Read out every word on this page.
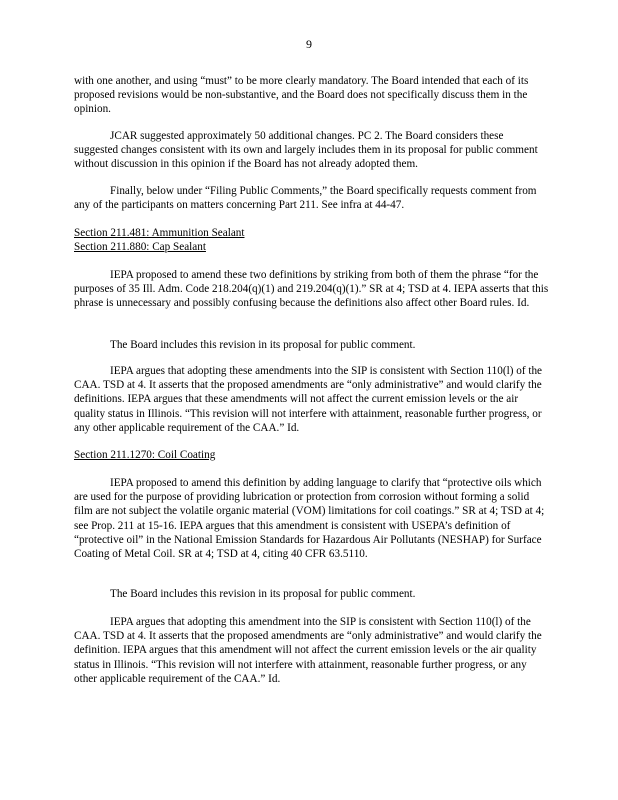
9

with one another, and using “must” to be more clearly mandatory. The Board intended that each of its proposed revisions would be non-substantive, and the Board does not specifically discuss them in the opinion.

JCAR suggested approximately 50 additional changes. PC 2. The Board considers these suggested changes consistent with its own and largely includes them in its proposal for public comment without discussion in this opinion if the Board has not already adopted them.

Finally, below under “Filing Public Comments,” the Board specifically requests comment from any of the participants on matters concerning Part 211. See infra at 44-47.

Section 211.481: Ammunition Sealant
Section 211.880: Cap Sealant

IEPA proposed to amend these two definitions by striking from both of them the phrase “for the purposes of 35 Ill. Adm. Code 218.204(q)(1) and 219.204(q)(1).” SR at 4; TSD at 4. IEPA asserts that this phrase is unnecessary and possibly confusing because the definitions also affect other Board rules. Id.

The Board includes this revision in its proposal for public comment.

IEPA argues that adopting these amendments into the SIP is consistent with Section 110(l) of the CAA. TSD at 4. It asserts that the proposed amendments are “only administrative” and would clarify the definitions. IEPA argues that these amendments will not affect the current emission levels or the air quality status in Illinois. “This revision will not interfere with attainment, reasonable further progress, or any other applicable requirement of the CAA.” Id.

Section 211.1270: Coil Coating

IEPA proposed to amend this definition by adding language to clarify that “protective oils which are used for the purpose of providing lubrication or protection from corrosion without forming a solid film are not subject the volatile organic material (VOM) limitations for coil coatings.” SR at 4; TSD at 4; see Prop. 211 at 15-16. IEPA argues that this amendment is consistent with USEPA’s definition of “protective oil” in the National Emission Standards for Hazardous Air Pollutants (NESHAP) for Surface Coating of Metal Coil. SR at 4; TSD at 4, citing 40 CFR 63.5110.

The Board includes this revision in its proposal for public comment.

IEPA argues that adopting this amendment into the SIP is consistent with Section 110(l) of the CAA. TSD at 4. It asserts that the proposed amendments are “only administrative” and would clarify the definition. IEPA argues that this amendment will not affect the current emission levels or the air quality status in Illinois. “This revision will not interfere with attainment, reasonable further progress, or any other applicable requirement of the CAA.” Id.
